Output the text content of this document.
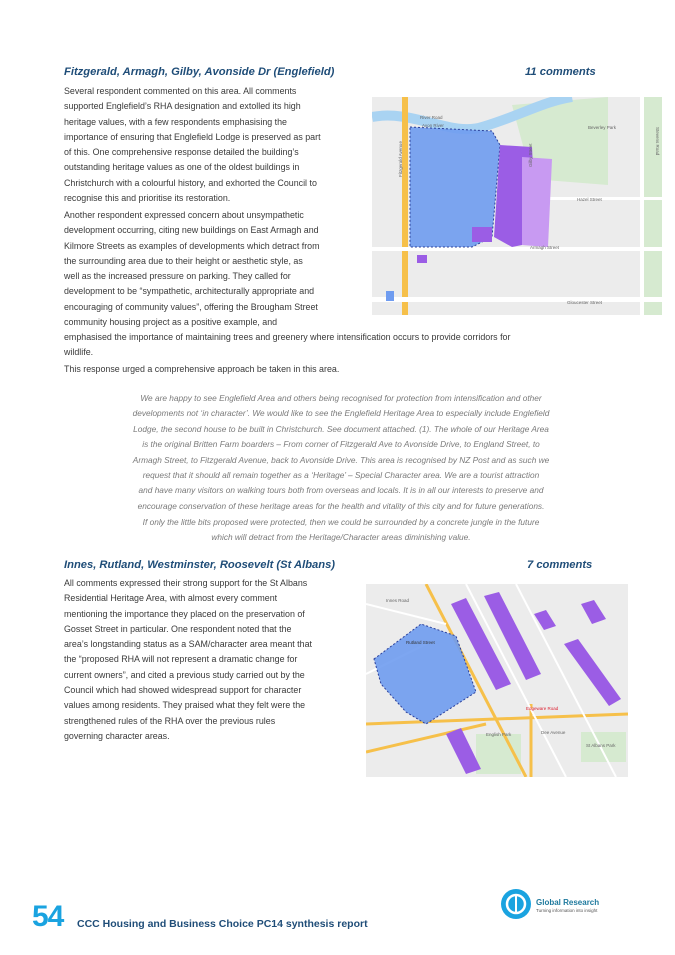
Fitzgerald, Armagh, Gilby, Avonside Dr (Englefield)	11 comments
Several respondent commented on this area. All comments
supported Englefield’s RHA designation and extolled its high
heritage values, with a few respondents emphasising the
importance of ensuring that Englefield Lodge is preserved as part
of this. One comprehensive response detailed the building’s
outstanding heritage values as one of the oldest buildings in
Christchurch with a colourful history, and exhorted the Council to
recognise this and prioritise its restoration.
Another respondent expressed concern about unsympathetic
development occurring, citing new buildings on East Armagh and
Kilmore Streets as examples of developments which detract from
the surrounding area due to their height or aesthetic style, as
well as the increased pressure on parking. They called for
development to be “sympathetic, architecturally appropriate and
encouraging of community values”, offering the Brougham Street
community housing project as a positive example, and
emphasised the importance of maintaining trees and greenery where intensification occurs to provide corridors for
wildlife.
This response urged a comprehensive approach be taken in this area.
We are happy to see Englefield Area and others being recognised for protection from intensification and other
developments not ‘in character’. We would like to see the Englefield Heritage Area to especially include Englefield
Lodge, the second house to be built in Christchurch. See document attached. (1). The whole of our Heritage Area
is the original Britten Farm boarders – From corner of Fitzgerald Ave to Avonside Drive, to England Street, to
Armagh Street, to Fitzgerald Avenue, back to Avonside Drive. This area is recognised by NZ Post and as such we
request that it should all remain together as a ‘Heritage’ – Special Character area. We are a tourist attraction
and have many visitors on walking tours both from overseas and locals. It is in all our interests to preserve and
encourage conservation of these heritage areas for the health and vitality of this city and for future generations.
If only the little bits proposed were protected, then we could be surrounded by a concrete jungle in the future
which will detract from the Heritage/Character areas diminishing value.
River Road
Avon River	Beverley Park	Stevens Road
Fitzgerald Avenue	Gilby Street
Hazel Street
Armagh Street
Gloucester Street
Innes, Rutland, Westminster, Roosevelt (St Albans)	7 comments
All comments expressed their strong support for the St Albans
Residential Heritage Area, with almost every comment
mentioning the importance they placed on the preservation of
Gosset Street in particular. One respondent noted that the
area’s longstanding status as a SAM/character area meant that
the “proposed RHA will not represent a dramatic change for
current owners”, and cited a previous study carried out by the
Council which had showed widespread support for character
values among residents. They praised what they felt were the
strengthened rules of the RHA over the previous rules
governing character areas.
Innes Road
English Park
Edgeware Road
St Albans Park
Dee Avenue
Rutland Street
54 CCC Housing and Business Choice PC14 synthesis report
Global Research
Turning information into insight
